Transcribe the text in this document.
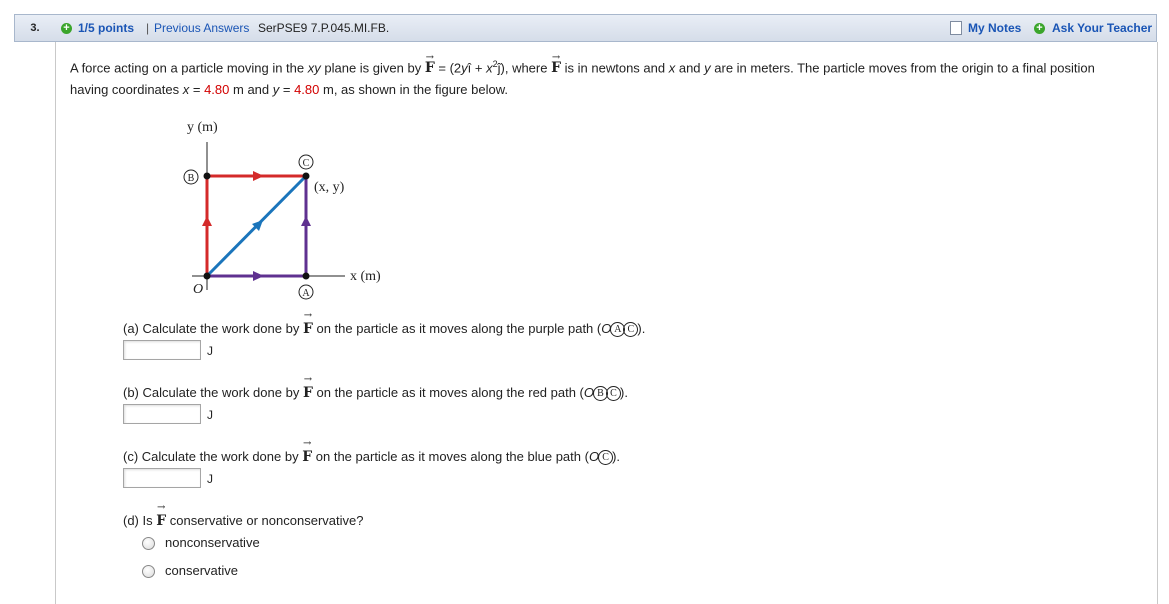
3.	+ 1/5 points | Previous Answers SerPSE9 7.P.045.MI.FB.	My Notes + Ask Your Teacher
A force acting on a particle moving in the xy plane is given by → F = (2yî + $x^2ĵ$), where → F is in newtons and x and y are in meters. The particle moves from the origin to a final position having coordinates x = 4.80 m and y = 4.80 m, as shown in the figure below.
y (m)
x (m)
O
B
C
A
(x, y)
(a) Calculate the work done by → F on the particle as it moves along the purple path (O A C ).
J
(b) Calculate the work done by → F on the particle as it moves along the red path (O B C ).
J
(c) Calculate the work done by → F on the particle as it moves along the blue path (O C ).
J
(d) Is → F conservative or nonconservative?
nonconservative
conservative
